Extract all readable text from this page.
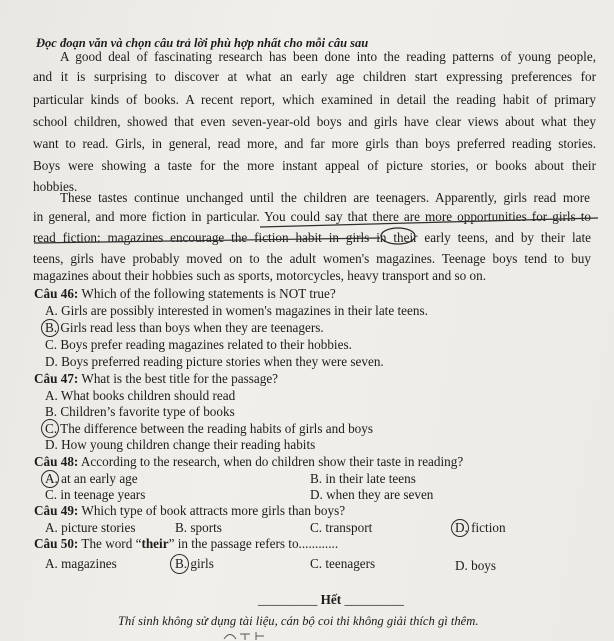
Đọc đoạn văn và chọn câu trả lời phù hợp nhất cho mỗi câu sau
A good deal of fascinating research has been done into the reading patterns of young people,
and it is surprising to discover at what an early age children start expressing preferences for
particular kinds of books. A recent report, which examined in detail the reading habit of primary
school children, showed that even seven-year-old boys and girls have clear views about what they
want to read. Girls, in general, read more, and far more girls than boys preferred reading stories.
Boys were showing a taste for the more instant appeal of picture stories, or books about their
hobbies.
These tastes continue unchanged until the children are teenagers. Apparently, girls read more
in general, and more fiction in particular. You could say that there are more opportunities for girls to
read fiction: magazines encourage the fiction habit in girls in their early teens, and by their late
teens, girls have probably moved on to the adult women's magazines. Teenage boys tend to buy
magazines about their hobbies such as sports, motorcycles, heavy transport and so on.
Câu 46: Which of the following statements is NOT true?
A. Girls are possibly interested in women's magazines in their late teens.
B. Girls read less than boys when they are teenagers.
C. Boys prefer reading magazines related to their hobbies.
D. Boys preferred reading picture stories when they were seven.
Câu 47: What is the best title for the passage?
A. What books children should read
B. Children’s favorite type of books
C. The difference between the reading habits of girls and boys
D. How young children change their reading habits
Câu 48: According to the research, when do children show their taste in reading?
A. at an early age	B. in their late teens
C. in teenage years	D. when they are seven
Câu 49: Which type of book attracts more girls than boys?
A. picture stories	B. sports	C. transport	D. fiction
Câu 50: The word “their” in the passage refers to............
A. magazines	B. girls	C. teenagers	D. boys
_________ Hết _________
Thí sinh không sử dụng tài liệu, cán bộ coi thi không giải thích gì thêm.
